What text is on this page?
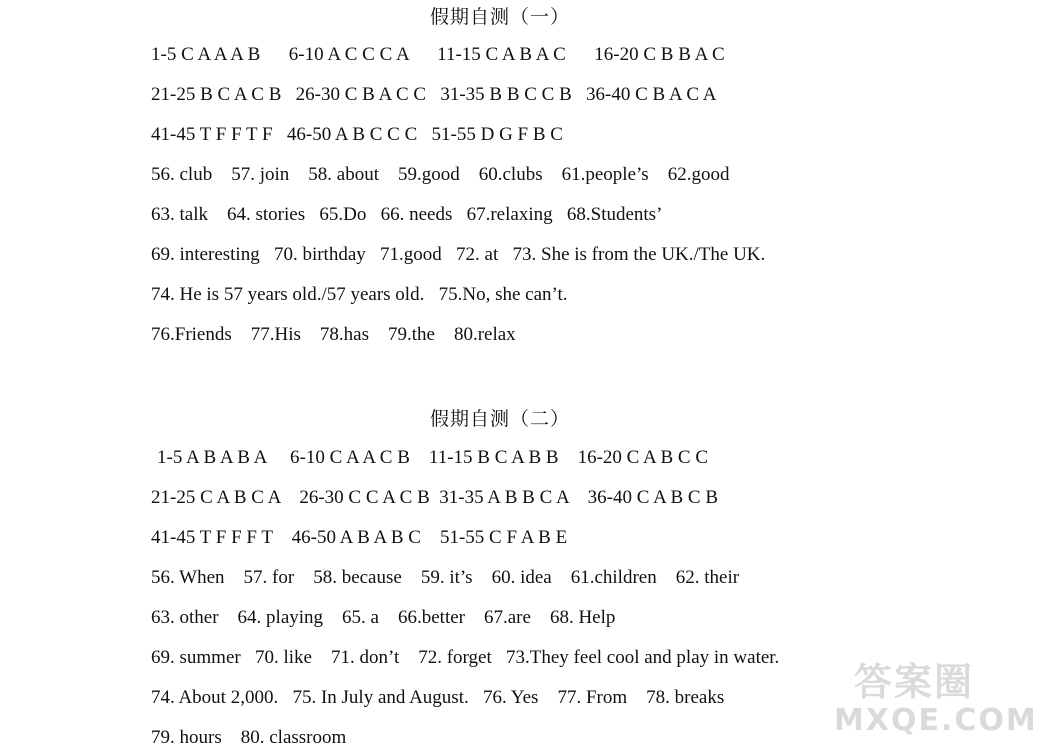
假期自测（一）
1-5 C A A A B 6-10 A C C C A 11-15 C A B A C 16-20 C B B A C
21-25 B C A C B 26-30 C B A C C 31-35 B B C C B 36-40 C B A C A
41-45 T F F T F 46-50 A B C C C 51-55 D G F B C
56. club 57. join 58. about 59.good 60.clubs 61.people’s 62.good
63. talk 64. stories 65.Do 66. needs 67.relaxing 68.Students’
69. interesting 70. birthday 71.good 72. at 73. She is from the UK./The UK.
74. He is 57 years old./57 years old. 75.No, she can’t.
76.Friends 77.His 78.has 79.the 80.relax
假期自测（二）
1-5 A B A B A 6-10 C A A C B 11-15 B C A B B 16-20 C A B C C
21-25 C A B C A 26-30 C C A C B 31-35 A B B C A 36-40 C A B C B
41-45 T F F F T 46-50 A B A B C 51-55 C F A B E
56. When 57. for 58. because 59. it’s 60. idea 61.children 62. their
63. other 64. playing 65. a 66.better 67.are 68. Help
69. summer 70. like 71. don’t 72. forget 73.They feel cool and play in water.
74. About 2,000. 75. In July and August. 76. Yes 77. From 78. breaks
79. hours 80. classroom
答案圈
MXQE.COM
